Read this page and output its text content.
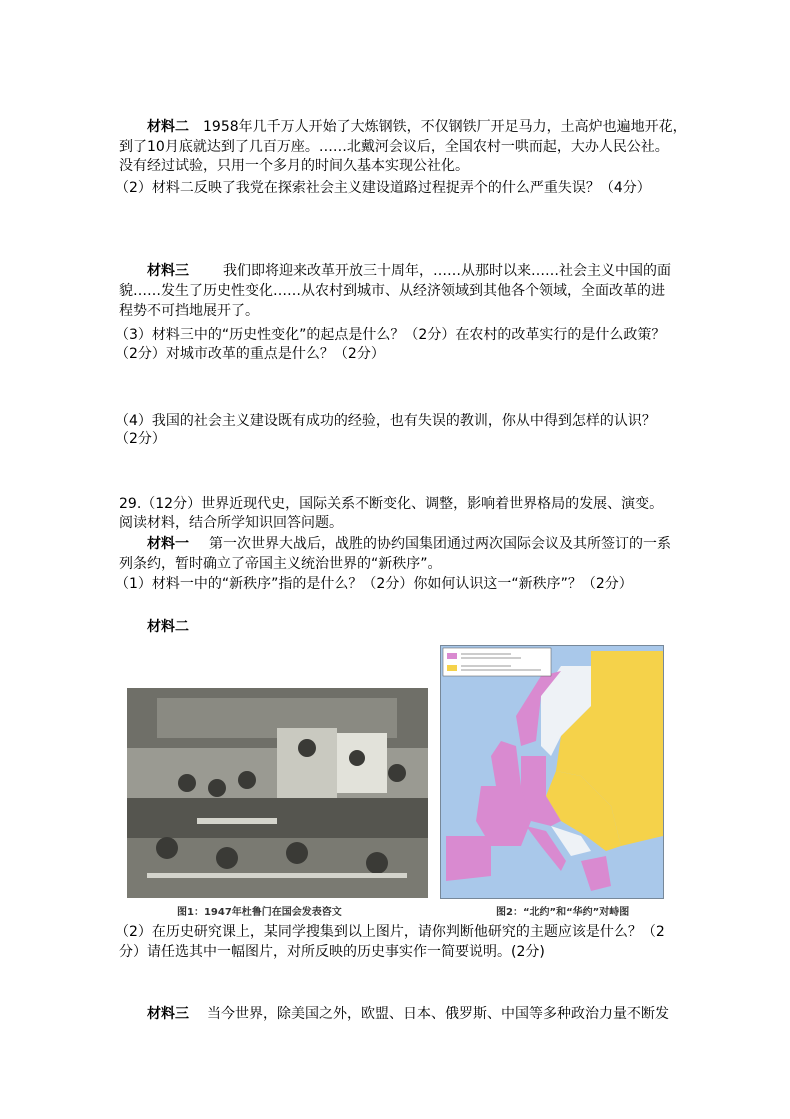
材料二 1958年几千万人开始了大炼钢铁，不仅钢铁厂开足马力，土高炉也遍地开花，
到了10月底就达到了几百万座。……北戴河会议后，全国农村一哄而起，大办人民公社。
没有经过试验，只用一个多月的时间久基本实现公社化。
（2）材料二反映了我党在探索社会主义建设道路过程捉弄个的什么严重失误？（4分）
材料三 我们即将迎来改革开放三十周年，……从那时以来……社会主义中国的面
貌……发生了历史性变化……从农村到城市、从经济领域到其他各个领域，全面改革的进
程势不可挡地展开了。
（3）材料三中的“历史性变化”的起点是什么？（2分）在农村的改革实行的是什么政策？
（2分）对城市改革的重点是什么？（2分）
（4）我国的社会主义建设既有成功的经验，也有失误的教训，你从中得到怎样的认识？
（2分）
29.（12分）世界近现代史，国际关系不断变化、调整，影响着世界格局的发展、演变。
阅读材料，结合所学知识回答问题。
材料一 第一次世界大战后，战胜的协约国集团通过两次国际会议及其所签订的一系
列条约，暂时确立了帝国主义统治世界的“新秩序”。
（1）材料一中的“新秩序”指的是什么？（2分）你如何认识这一“新秩序”？（2分）
材料二
图1：1947年杜鲁门在国会发表咨文	图2：“北约”和“华约”对峙图
（2）在历史研究课上，某同学搜集到以上图片，请你判断他研究的主题应该是什么？（2
分）请任选其中一幅图片，对所反映的历史事实作一简要说明。(2分)
材料三 当今世界，除美国之外，欧盟、日本、俄罗斯、中国等多种政治力量不断发
